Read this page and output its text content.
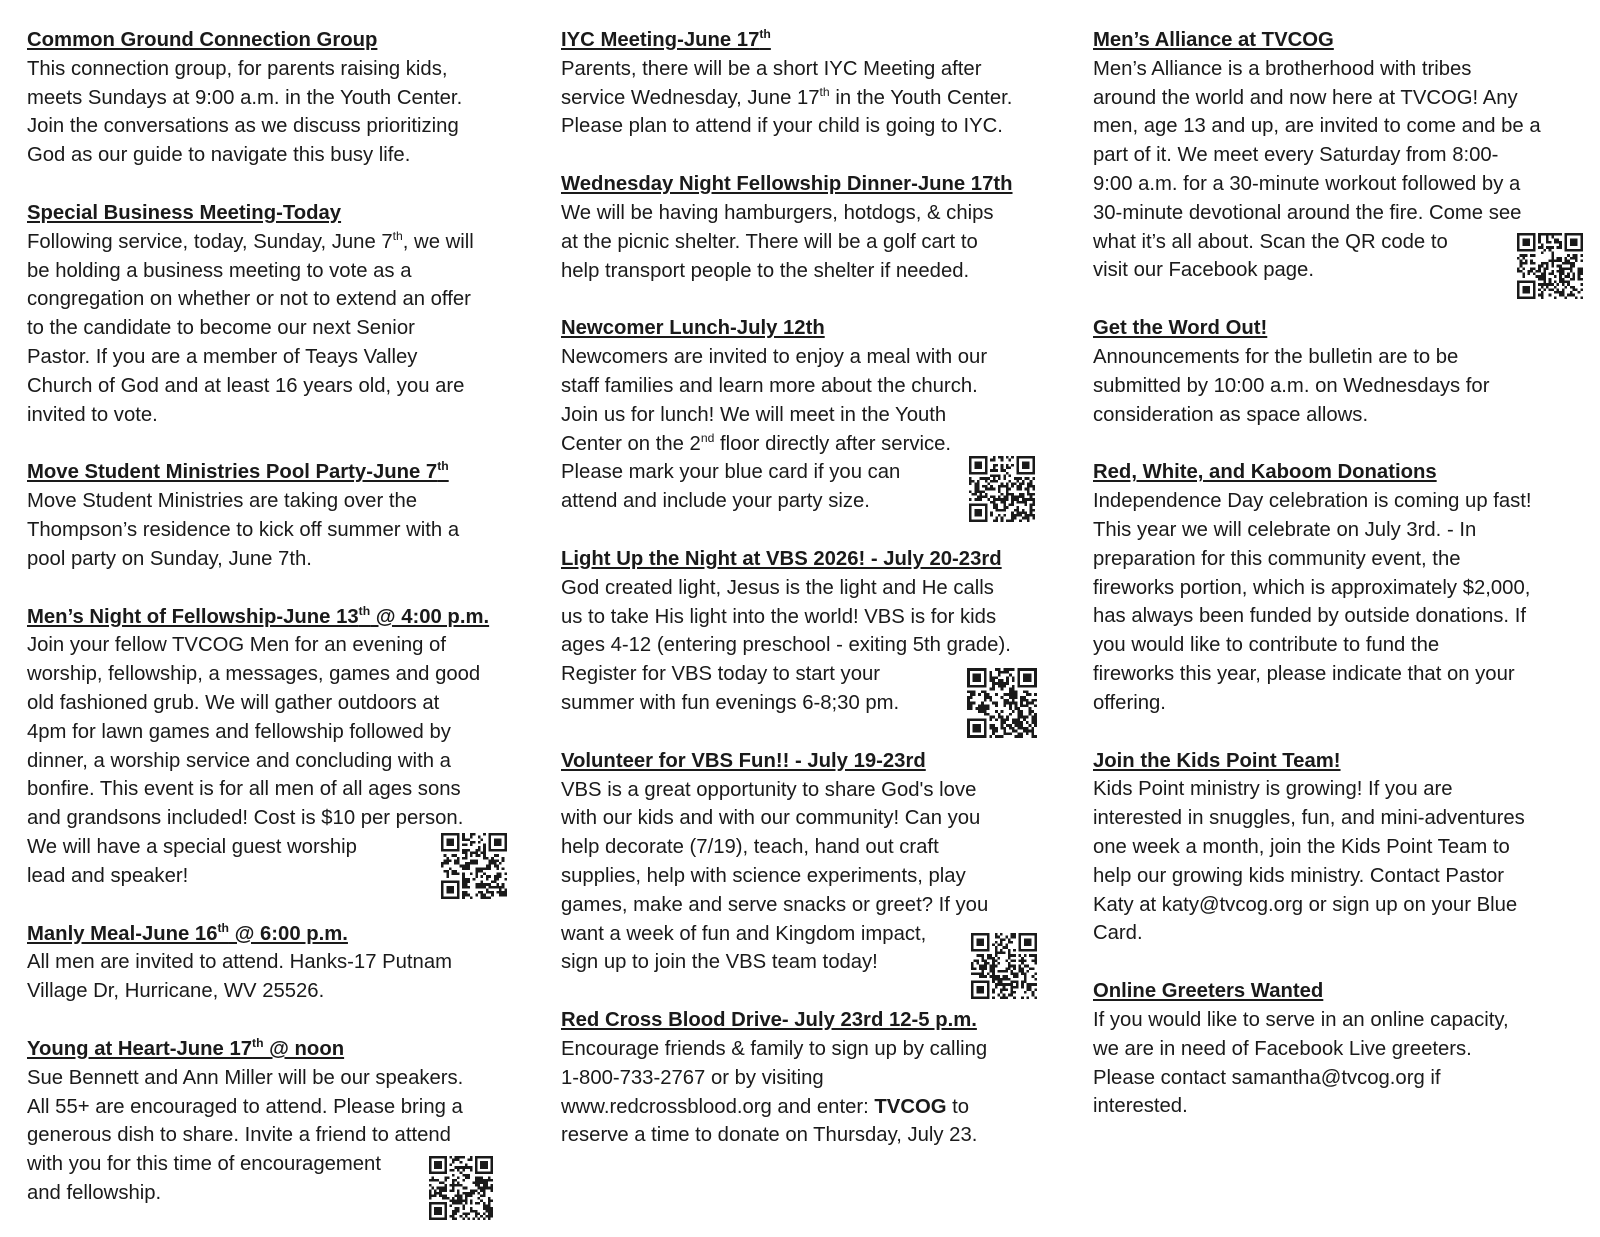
Common Ground Connection Group

This connection group, for parents raising kids,

meets Sundays at 9:00 a.m. in the Youth Center.

Join the conversations as we discuss prioritizing

God as our guide to navigate this busy life.

Special Business Meeting-Today

Following service, today, Sunday, June 7th, we will

be holding a business meeting to vote as a

congregation on whether or not to extend an offer

to the candidate to become our next Senior

Pastor. If you are a member of Teays Valley

Church of God and at least 16 years old, you are

invited to vote.

Move Student Ministries Pool Party-June 7th

Move Student Ministries are taking over the

Thompson’s residence to kick off summer with a

pool party on Sunday, June 7th.

Men’s Night of Fellowship-June 13th @ 4:00 p.m.

Join your fellow TVCOG Men for an evening of

worship, fellowship, a messages, games and good

old fashioned grub. We will gather outdoors at

4pm for lawn games and fellowship followed by

dinner, a worship service and concluding with a

bonfire. This event is for all men of all ages sons

and grandsons included! Cost is $10 per person.

We will have a special guest worship

lead and speaker!

Manly Meal-June 16th @ 6:00 p.m.

All men are invited to attend. Hanks-17 Putnam

Village Dr, Hurricane, WV 25526.

Young at Heart-June 17th @ noon

Sue Bennett and Ann Miller will be our speakers.

All 55+ are encouraged to attend. Please bring a

generous dish to share. Invite a friend to attend

with you for this time of encouragement

and fellowship.

IYC Meeting-June 17th

Parents, there will be a short IYC Meeting after

service Wednesday, June 17th in the Youth Center.

Please plan to attend if your child is going to IYC.

Wednesday Night Fellowship Dinner-June 17th

We will be having hamburgers, hotdogs, & chips

at the picnic shelter. There will be a golf cart to

help transport people to the shelter if needed.

Newcomer Lunch-July 12th

Newcomers are invited to enjoy a meal with our

staff families and learn more about the church.

Join us for lunch! We will meet in the Youth

Center on the 2nd floor directly after service.

Please mark your blue card if you can

attend and include your party size.

Light Up the Night at VBS 2026! - July 20-23rd

God created light, Jesus is the light and He calls

us to take His light into the world! VBS is for kids

ages 4-12 (entering preschool - exiting 5th grade).

Register for VBS today to start your

summer with fun evenings 6-8;30 pm.

Volunteer for VBS Fun!! - July 19-23rd

VBS is a great opportunity to share God's love

with our kids and with our community! Can you

help decorate (7/19), teach, hand out craft

supplies, help with science experiments, play

games, make and serve snacks or greet? If you

want a week of fun and Kingdom impact,

sign up to join the VBS team today!

Red Cross Blood Drive- July 23rd 12-5 p.m.

Encourage friends & family to sign up by calling

1-800-733-2767 or by visiting

www.redcrossblood.org and enter: TVCOG to

reserve a time to donate on Thursday, July 23.

Men’s Alliance at TVCOG

Men’s Alliance is a brotherhood with tribes

around the world and now here at TVCOG! Any

men, age 13 and up, are invited to come and be a

part of it. We meet every Saturday from 8:00-

9:00 a.m. for a 30-minute workout followed by a

30-minute devotional around the fire. Come see

what it’s all about. Scan the QR code to

visit our Facebook page.

Get the Word Out!

Announcements for the bulletin are to be

submitted by 10:00 a.m. on Wednesdays for

consideration as space allows.

Red, White, and Kaboom Donations

Independence Day celebration is coming up fast!

This year we will celebrate on July 3rd. - In

preparation for this community event, the

fireworks portion, which is approximately $2,000,

has always been funded by outside donations. If

you would like to contribute to fund the

fireworks this year, please indicate that on your

offering.

Join the Kids Point Team!

Kids Point ministry is growing! If you are

interested in snuggles, fun, and mini-adventures

one week a month, join the Kids Point Team to

help our growing kids ministry. Contact Pastor

Katy at katy@tvcog.org or sign up on your Blue

Card.

Online Greeters Wanted

If you would like to serve in an online capacity,

we are in need of Facebook Live greeters.

Please contact samantha@tvcog.org if

interested.
